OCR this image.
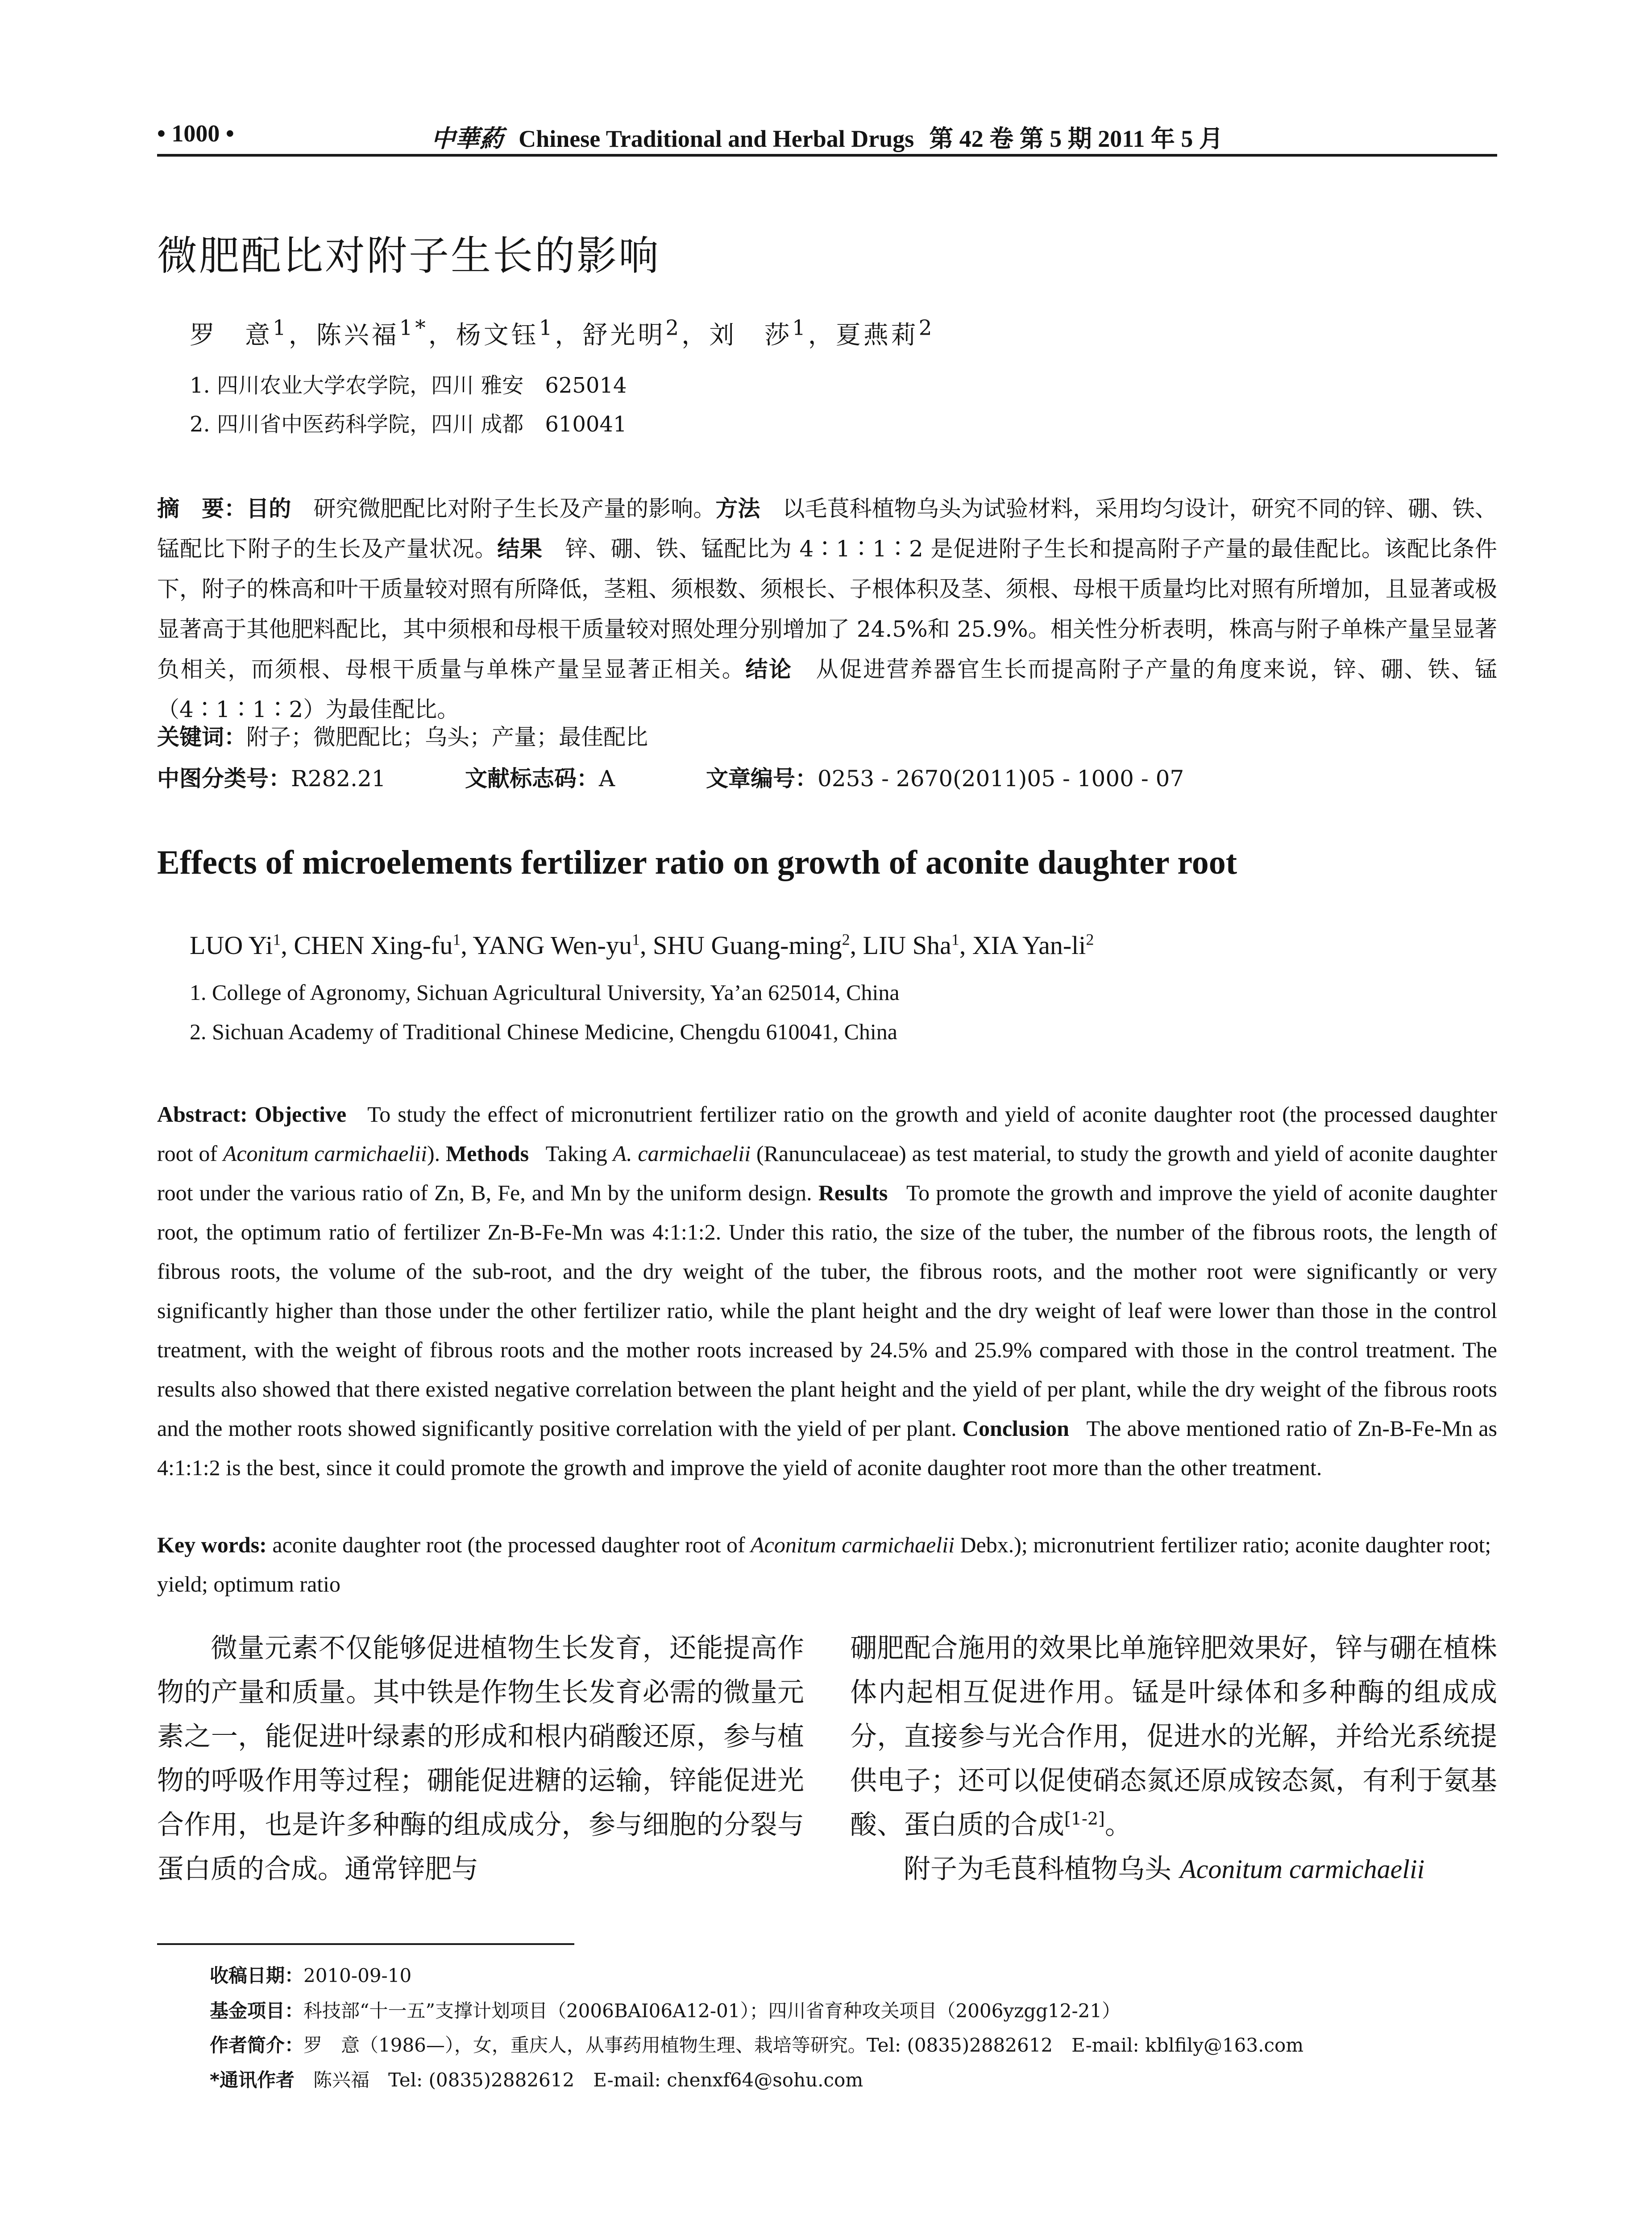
• 1000 •	中華葯 Chinese Traditional and Herbal Drugs 第 42 卷 第 5 期 2011 年 5 月
微肥配比对附子生长的影响
罗　意$^1$，陈兴福$^{1*}$，杨文钰$^1$，舒光明$^2$，刘　莎$^1$，夏燕莉$^2$
1. 四川农业大学农学院，四川 雅安　625014
2. 四川省中医药科学院，四川 成都　610041
摘　要：目的　 研究微肥配比对附子生长及产量的影响。方法　 以毛茛科植物乌头为试验材料，采用均匀设计，研究不同的锌、硼、铁、锰配比下附子的生长及产量状况。结果　 锌、硼、铁、锰配比为 4∶1∶1∶2 是促进附子生长和提高附子产量的最佳配比。该配比条件下，附子的株高和叶干质量较对照有所降低，茎粗、须根数、须根长、子根体积及茎、须根、母根干质量均比对照有所增加，且显著或极显著高于其他肥料配比，其中须根和母根干质量较对照处理分别增加了 24.5%和 25.9%。相关性分析表明，株高与附子单株产量呈显著负相关，而须根、母根干质量与单株产量呈显著正相关。结论　 从促进营养器官生长而提高附子产量的角度来说，锌、硼、铁、锰（4∶1∶1∶2）为最佳配比。
关键词：附子；微肥配比；乌头；产量；最佳配比
中图分类号：R282.21	文献标志码：A	文章编号：0253 - 2670(2011)05 - 1000 - 07
Effects of microelements fertilizer ratio on growth of aconite daughter root
LUO Yi$^1$, CHEN Xing-$fu^1$, YANG Wen-$yu^1$, SHU Guang-ming$^2$, LIU Sha$^1$, XIA Yan-$li^2$
1. College of Agronomy, Sichuan Agricultural University, Ya’an 625014, China
2. Sichuan Academy of Traditional Chinese Medicine, Chengdu 610041, China
Abstract: Objective To study the effect of micronutrient fertilizer ratio on the growth and yield of aconite daughter root (the processed daughter root of Aconitum carmichaelii). Methods Taking A. carmichaelii (Ranunculaceae) as test material, to study the growth and yield of aconite daughter root under the various ratio of Zn, B, Fe, and Mn by the uniform design. Results To promote the growth and improve the yield of aconite daughter root, the optimum ratio of fertilizer Zn-B-Fe-Mn was 4:1:1:2. Under this ratio, the size of the tuber, the number of the fibrous roots, the length of fibrous roots, the volume of the sub-root, and the dry weight of the tuber, the fibrous roots, and the mother root were significantly or very significantly higher than those under the other fertilizer ratio, while the plant height and the dry weight of leaf were lower than those in the control treatment, with the weight of fibrous roots and the mother roots increased by 24.5% and 25.9% compared with those in the control treatment. The results also showed that there existed negative correlation between the plant height and the yield of per plant, while the dry weight of the fibrous roots and the mother roots showed significantly positive correlation with the yield of per plant. Conclusion The above mentioned ratio of Zn-B-Fe-Mn as 4:1:1:2 is the best, since it could promote the growth and improve the yield of aconite daughter root more than the other treatment.
Key words: aconite daughter root (the processed daughter root of Aconitum carmichaelii Debx.); micronutrient fertilizer ratio; aconite daughter root; yield; optimum ratio
微量元素不仅能够促进植物生长发育，还能提高作物的产量和质量。其中铁是作物生长发育必需的微量元素之一，能促进叶绿素的形成和根内硝酸还原，参与植物的呼吸作用等过程；硼能促进糖的运输，锌能促进光合作用，也是许多种酶的组成成分，参与细胞的分裂与蛋白质的合成。通常锌肥与
硼肥配合施用的效果比单施锌肥效果好，锌与硼在植株体内起相互促进作用。锰是叶绿体和多种酶的组成成分，直接参与光合作用，促进水的光解，并给光系统提供电子；还可以促使硝态氮还原成铵态氮，有利于氨基酸、蛋白质的合成[1-2]。
附子为毛茛科植物乌头 Aconitum carmichaelii
收稿日期：2010-09-10
基金项目：科技部“十一五”支撑计划项目（2006BAI06A12-01）；四川省育种攻关项目（2006yzgg12-21）
作者简介：罗　意（1986—），女，重庆人，从事药用植物生理、栽培等研究。Tel: (0835)2882612　E-mail: kblfily@163.com
*通讯作者　陈兴福　Tel: (0835)2882612　E-mail: chenxf64@sohu.com
